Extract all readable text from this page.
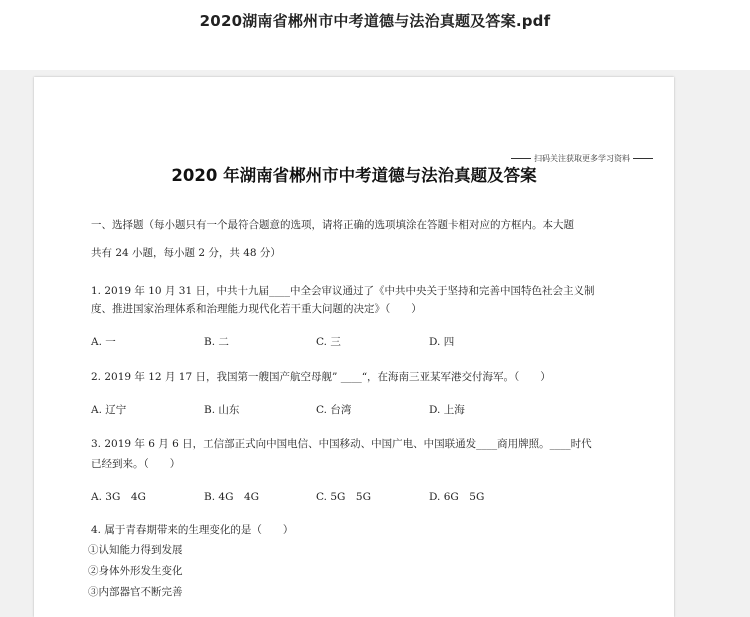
2020湖南省郴州市中考道德与法治真题及答案.pdf
扫码关注获取更多学习资料
2020 年湖南省郴州市中考道德与法治真题及答案
一、选择题（每小题只有一个最符合题意的选项，请将正确的选项填涂在答题卡相对应的方框内。本大题
共有 24 小题，每小题 2 分，共 48 分）
1. 2019 年 10 月 31 日，中共十九届____中全会审议通过了《中共中央关于坚持和完善中国特色社会主义制
度、推进国家治理体系和治理能力现代化若干重大问题的决定》（　　）
A. 一	B. 二	C. 三	D. 四
2. 2019 年 12 月 17 日，我国第一艘国产航空母舰” ____“，在海南三亚某军港交付海军。（　　）
A. 辽宁	B. 山东	C. 台湾	D. 上海
3. 2019 年 6 月 6 日，工信部正式向中国电信、中国移动、中国广电、中国联通发____商用牌照。____时代
已经到来。（　　）
A. 3G　4G	B. 4G　4G	C. 5G　5G	D. 6G　5G
4. 属于青春期带来的生理变化的是（　　）
①认知能力得到发展
②身体外形发生变化
③内部器官不断完善
